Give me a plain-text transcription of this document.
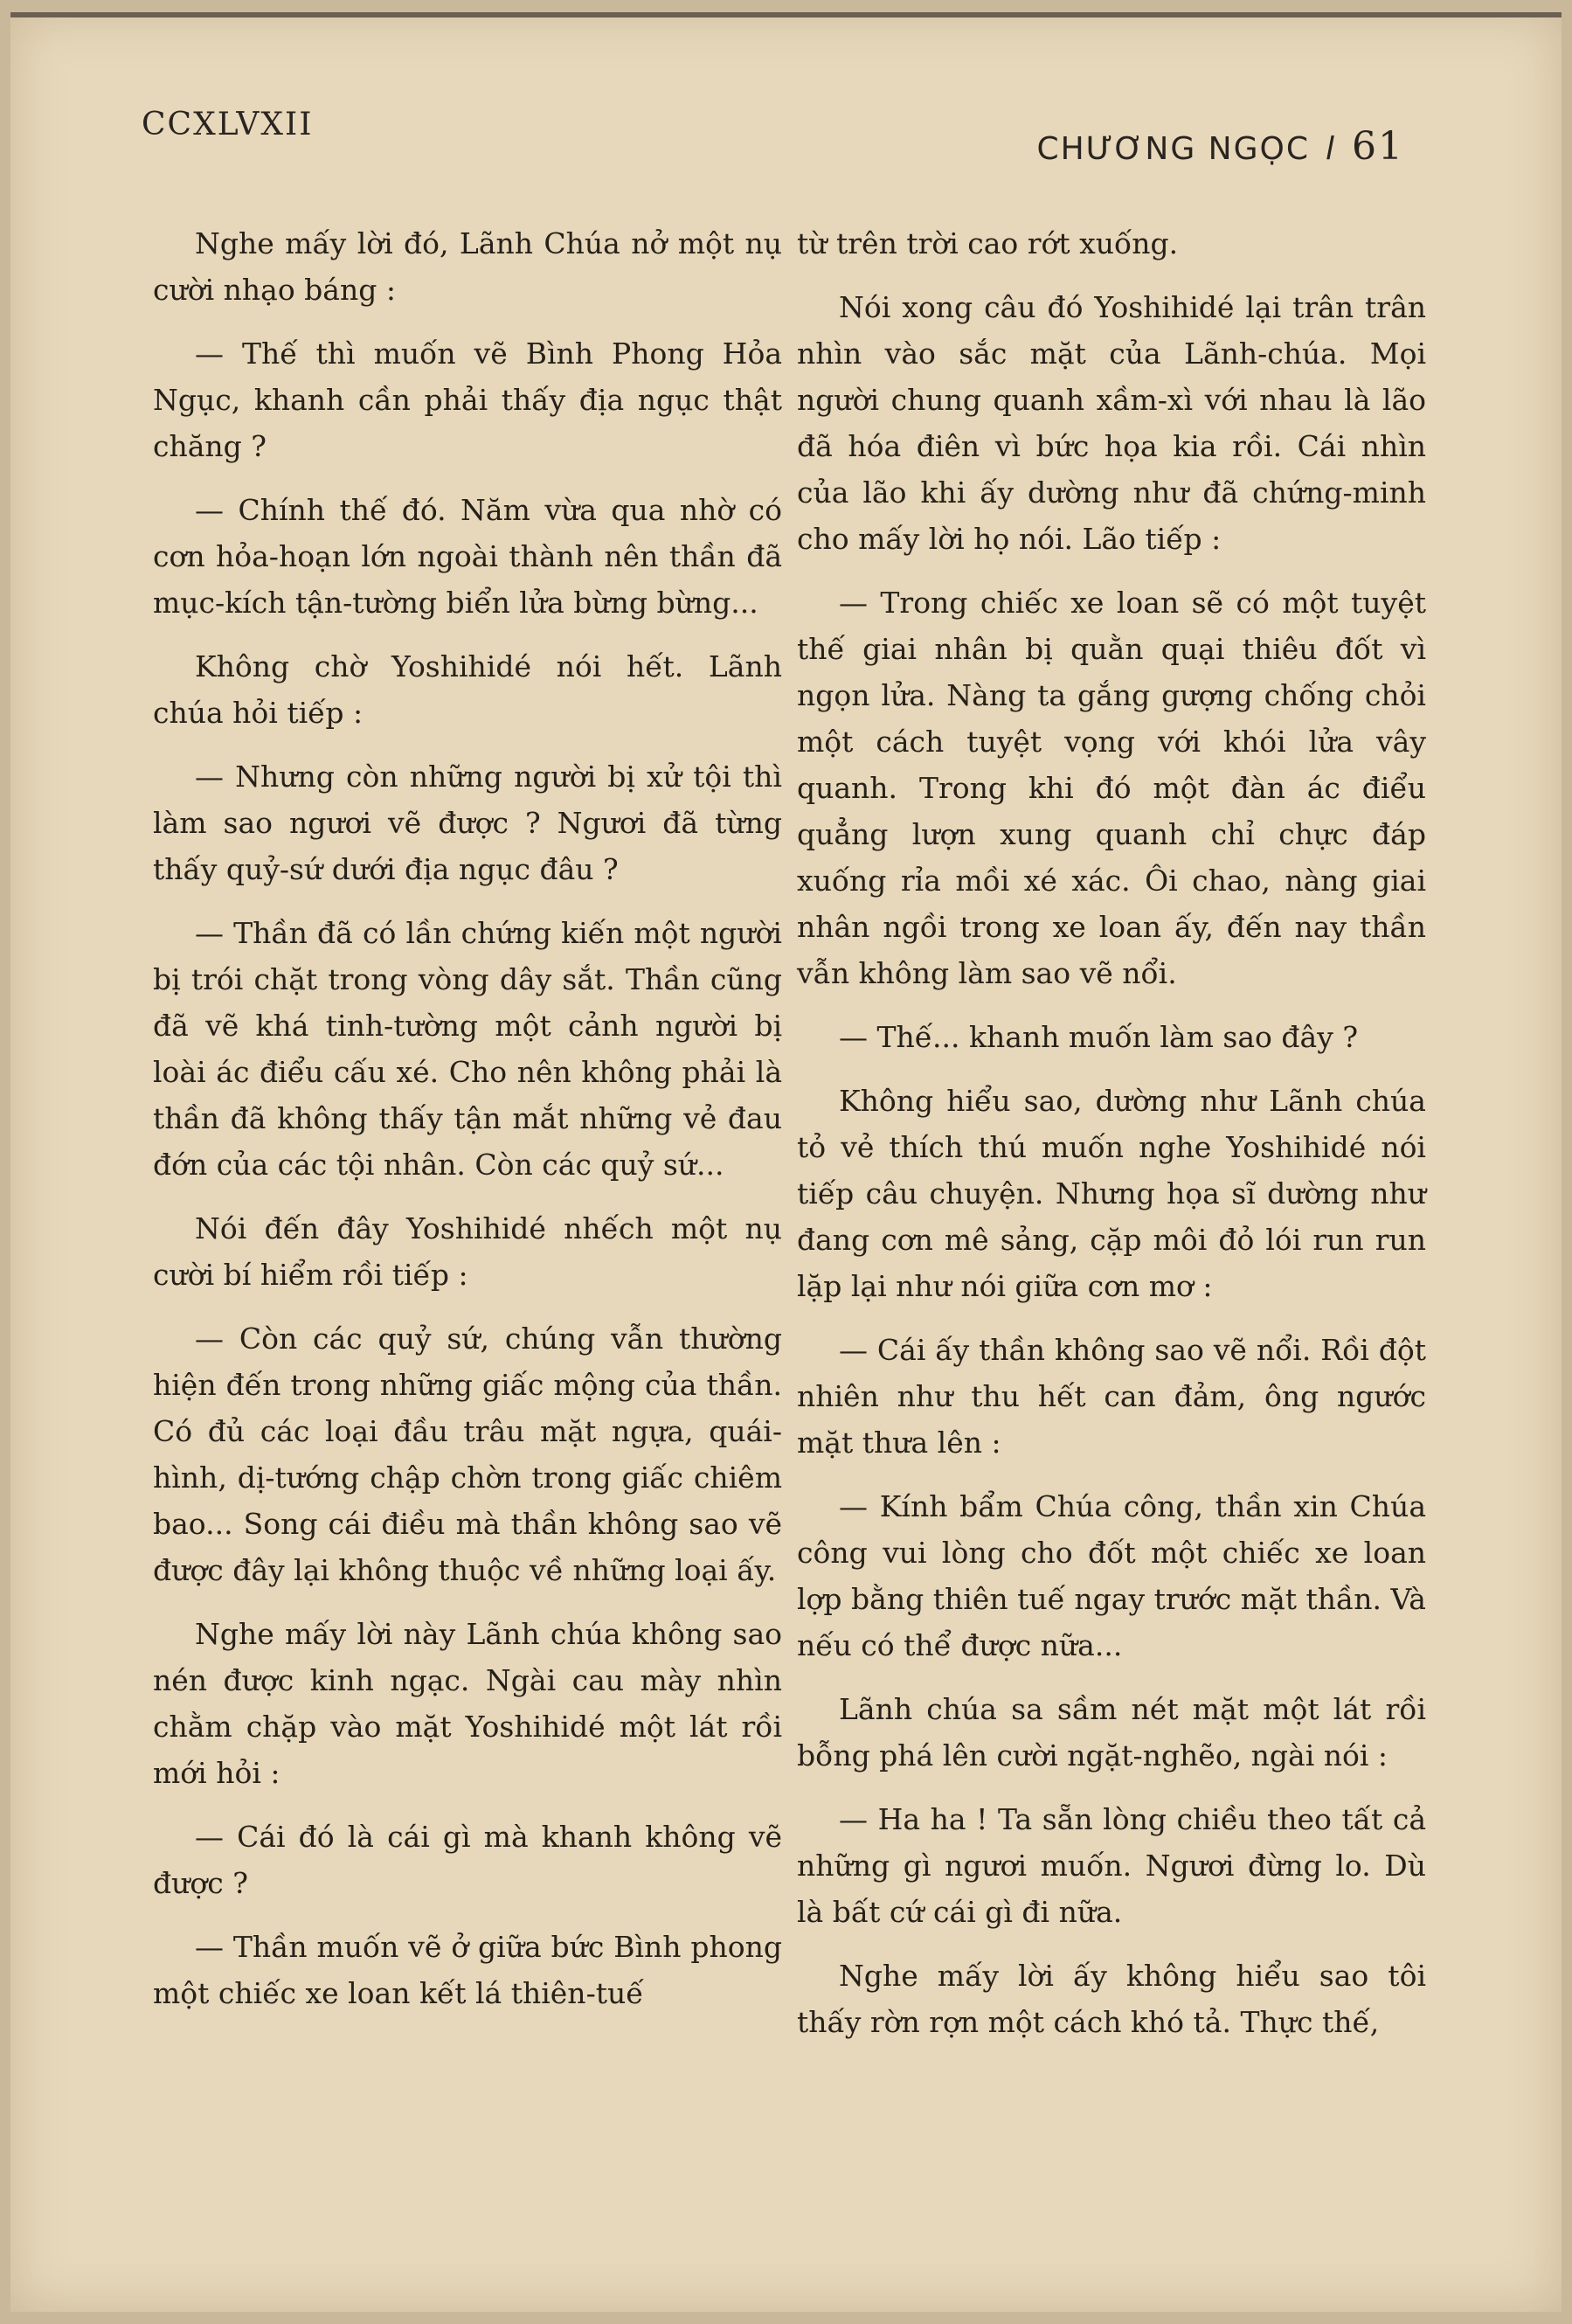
CCXLVXII
CHƯƠNG NGỌC l 61

Nghe mấy lời đó, Lãnh Chúa nở một nụ cười nhạo báng :

— Thế thì muốn vẽ Bình Phong Hỏa Ngục, khanh cần phải thấy địa ngục thật chăng ?

— Chính thế đó. Năm vừa qua nhờ có cơn hỏa-hoạn lớn ngoài thành nên thần đã mục-kích tận-tường biển lửa bừng bừng...

Không chờ Yoshihidé nói hết. Lãnh chúa hỏi tiếp :

— Nhưng còn những người bị xử tội thì làm sao ngươi vẽ được ? Ngươi đã từng thấy quỷ-sứ dưới địa ngục đâu ?

— Thần đã có lần chứng kiến một người bị trói chặt trong vòng dây sắt. Thần cũng đã vẽ khá tinh-tường một cảnh người bị loài ác điểu cấu xé. Cho nên không phải là thần đã không thấy tận mắt những vẻ đau đớn của các tội nhân. Còn các quỷ sứ...

Nói đến đây Yoshihidé nhếch một nụ cười bí hiểm rồi tiếp :

— Còn các quỷ sứ, chúng vẫn thường hiện đến trong những giấc mộng của thần. Có đủ các loại đầu trâu mặt ngựa, quái-hình, dị-tướng chập chờn trong giấc chiêm bao... Song cái điều mà thần không sao vẽ được đây lại không thuộc về những loại ấy.

Nghe mấy lời này Lãnh chúa không sao nén được kinh ngạc. Ngài cau mày nhìn chằm chặp vào mặt Yoshihidé một lát rồi mới hỏi :

— Cái đó là cái gì mà khanh không vẽ được ?

— Thần muốn vẽ ở giữa bức Bình phong một chiếc xe loan kết lá thiên-tuế

từ trên trời cao rớt xuống.

Nói xong câu đó Yoshihidé lại trân trân nhìn vào sắc mặt của Lãnh-chúa. Mọi người chung quanh xầm-xì với nhau là lão đã hóa điên vì bức họa kia rồi. Cái nhìn của lão khi ấy dường như đã chứng-minh cho mấy lời họ nói. Lão tiếp :

— Trong chiếc xe loan sẽ có một tuyệt thế giai nhân bị quằn quại thiêu đốt vì ngọn lửa. Nàng ta gắng gượng chống chỏi một cách tuyệt vọng với khói lửa vây quanh. Trong khi đó một đàn ác điểu quẳng lượn xung quanh chỉ chực đáp xuống rỉa mồi xé xác. Ôi chao, nàng giai nhân ngồi trong xe loan ấy, đến nay thần vẫn không làm sao vẽ nổi.

— Thế... khanh muốn làm sao đây ?

Không hiểu sao, dường như Lãnh chúa tỏ vẻ thích thú muốn nghe Yoshihidé nói tiếp câu chuyện. Nhưng họa sĩ dường như đang cơn mê sảng, cặp môi đỏ lói run run lặp lại như nói giữa cơn mơ :

— Cái ấy thần không sao vẽ nổi. Rồi đột nhiên như thu hết can đảm, ông ngước mặt thưa lên :

— Kính bẩm Chúa công, thần xin Chúa công vui lòng cho đốt một chiếc xe loan lợp bằng thiên tuế ngay trước mặt thần. Và nếu có thể được nữa...

Lãnh chúa sa sầm nét mặt một lát rồi bỗng phá lên cười ngặt-nghẽo, ngài nói :

— Ha ha ! Ta sẵn lòng chiều theo tất cả những gì ngươi muốn. Ngươi đừng lo. Dù là bất cứ cái gì đi nữa.

Nghe mấy lời ấy không hiểu sao tôi thấy rờn rợn một cách khó tả. Thực thế,
